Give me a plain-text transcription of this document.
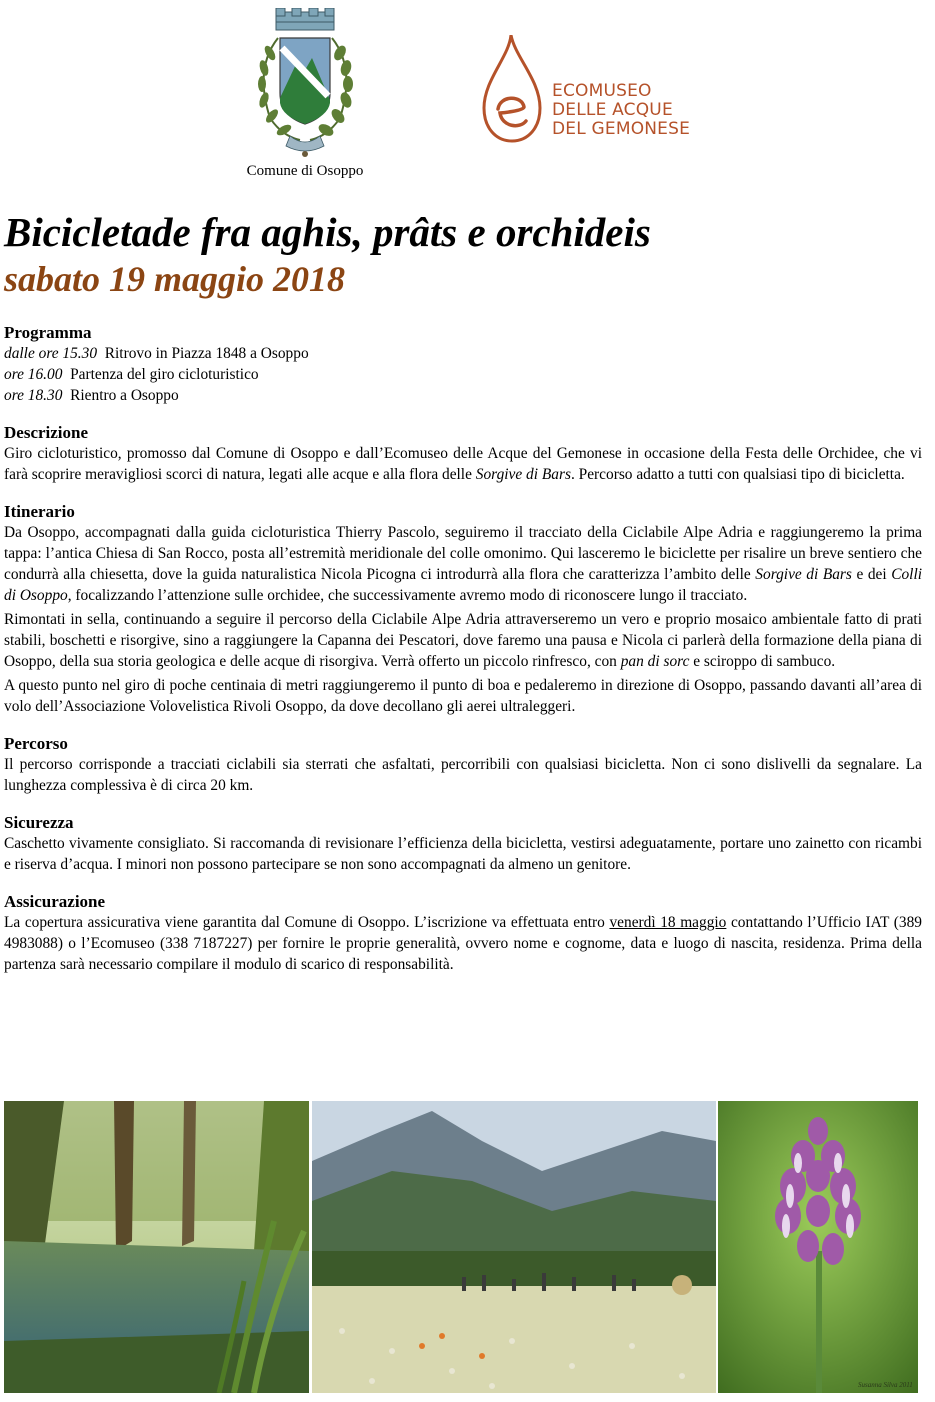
Comune di Osoppo
ECOMUSEO
DELLE ACQUE
DEL GEMONESE
Bicicletade fra aghis, prâts e orchideis
sabato 19 maggio 2018
Programma
dalle ore 15.30 Ritrovo in Piazza 1848 a Osoppo
ore 16.00 Partenza del giro cicloturistico
ore 18.30 Rientro a Osoppo
Descrizione

Giro cicloturistico, promosso dal Comune di Osoppo e dall’Ecomuseo delle Acque del Gemonese in occasione della Festa delle Orchidee, che vi farà scoprire meravigliosi scorci di natura, legati alle acque e alla flora delle Sorgive di Bars. Percorso adatto a tutti con qualsiasi tipo di bicicletta.

Itinerario

Da Osoppo, accompagnati dalla guida cicloturistica Thierry Pascolo, seguiremo il tracciato della Ciclabile Alpe Adria e raggiungeremo la prima tappa: l’antica Chiesa di San Rocco, posta all’estremità meridionale del colle omonimo. Qui lasceremo le biciclette per risalire un breve sentiero che condurrà alla chiesetta, dove la guida naturalistica Nicola Picogna ci introdurrà alla flora che caratterizza l’ambito delle Sorgive di Bars e dei Colli di Osoppo, focalizzando l’attenzione sulle orchidee, che successivamente avremo modo di riconoscere lungo il tracciato.

Rimontati in sella, continuando a seguire il percorso della Ciclabile Alpe Adria attraverseremo un vero e proprio mosaico ambientale fatto di prati stabili, boschetti e risorgive, sino a raggiungere la Capanna dei Pescatori, dove faremo una pausa e Nicola ci parlerà della formazione della piana di Osoppo, della sua storia geologica e delle acque di risorgiva. Verrà offerto un piccolo rinfresco, con pan di sorc e sciroppo di sambuco.

A questo punto nel giro di poche centinaia di metri raggiungeremo il punto di boa e pedaleremo in direzione di Osoppo, passando davanti all’area di volo dell’Associazione Volovelistica Rivoli Osoppo, da dove decollano gli aerei ultraleggeri.

Percorso

Il percorso corrisponde a tracciati ciclabili sia sterrati che asfaltati, percorribili con qualsiasi bicicletta. Non ci sono dislivelli da segnalare. La lunghezza complessiva è di circa 20 km.

Sicurezza

Caschetto vivamente consigliato. Si raccomanda di revisionare l’efficienza della bicicletta, vestirsi adeguatamente, portare uno zainetto con ricambi e riserva d’acqua. I minori non possono partecipare se non sono accompagnati da almeno un genitore.

Assicurazione

La copertura assicurativa viene garantita dal Comune di Osoppo. L’iscrizione va effettuata entro venerdì 18 maggio contattando l’Ufficio IAT (389 4983088) o l’Ecomuseo (338 7187227) per fornire le proprie generalità, ovvero nome e cognome, data e luogo di nascita, residenza. Prima della partenza sarà necessario compilare il modulo di scarico di responsabilità.

Susanna Silva 2011
